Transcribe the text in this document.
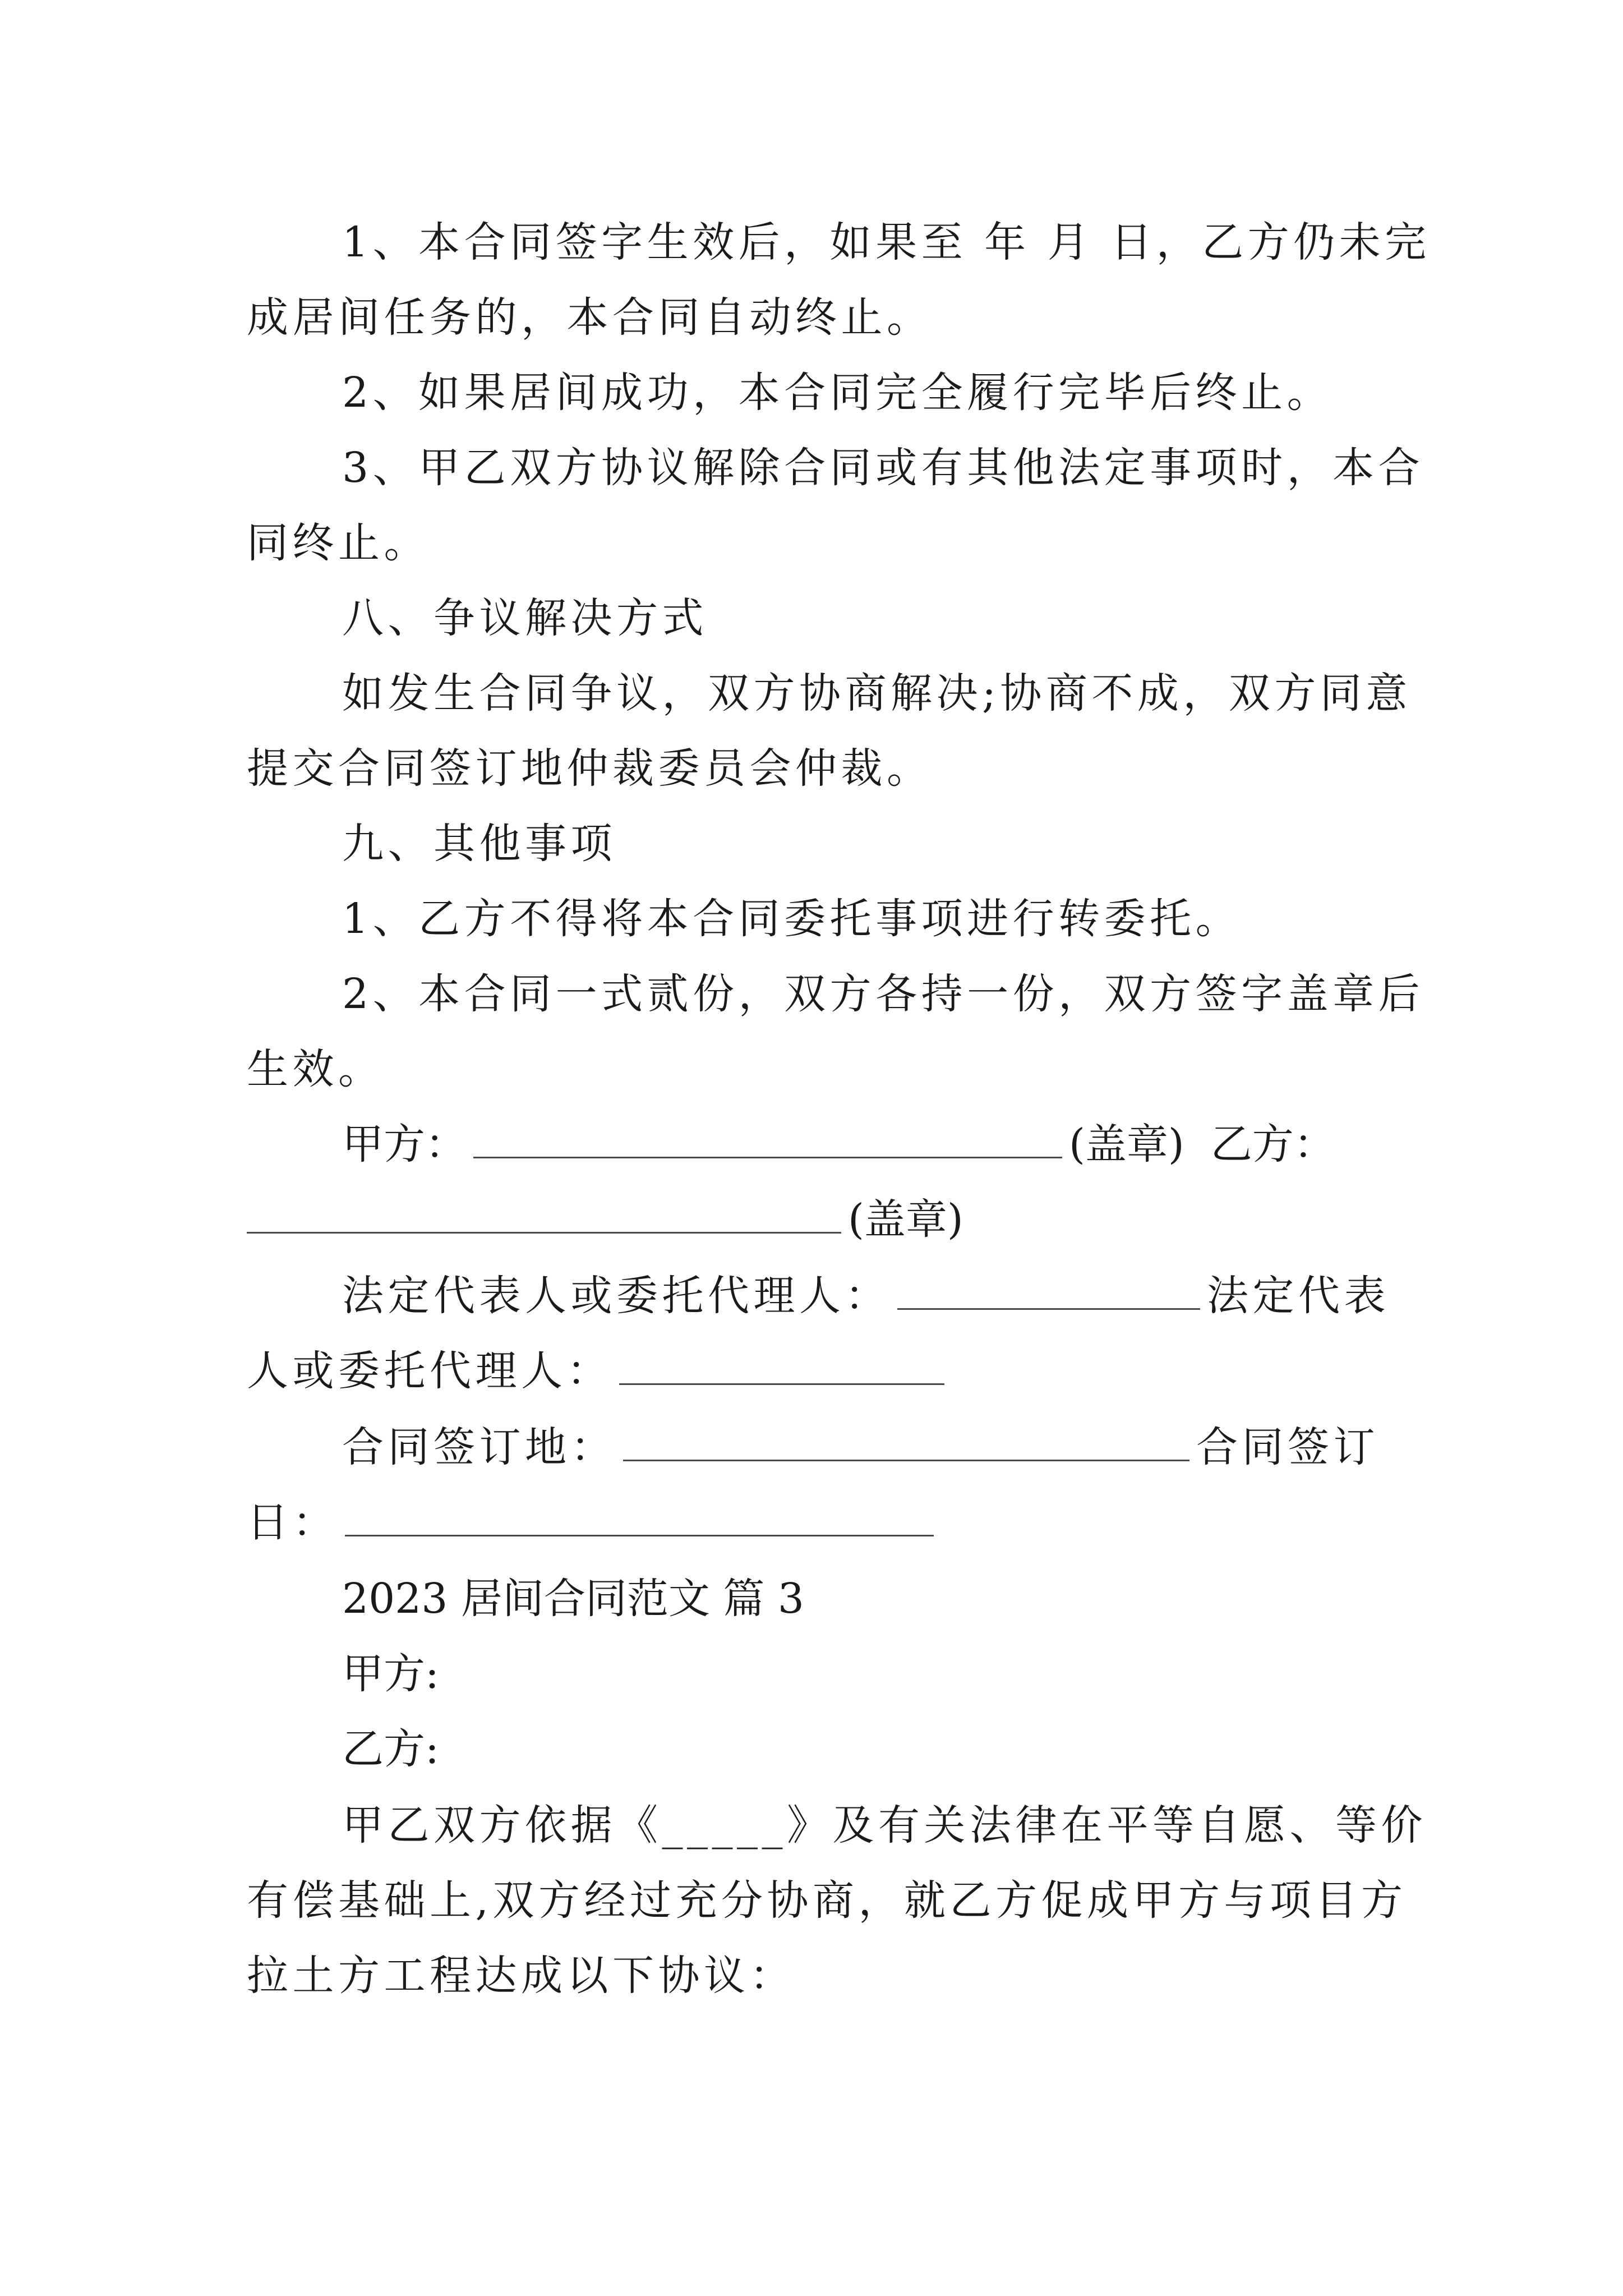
1、本合同签字生效后，如果至 年 月 日，乙方仍未完
成居间任务的，本合同自动终止。
2、如果居间成功，本合同完全履行完毕后终止。
3、甲乙双方协议解除合同或有其他法定事项时，本合
同终止。
八、争议解决方式
如发生合同争议，双方协商解决;协商不成，双方同意
提交合同签订地仲裁委员会仲裁。
九、其他事项
1、乙方不得将本合同委托事项进行转委托。
2、本合同一式贰份，双方各持一份，双方签字盖章后
生效。
甲方：	(盖章) 乙方：
(盖章)
法定代表人或委托代理人：	法定代表
人或委托代理人：
合同签订地：	合同签订
日：
2023 居间合同范文 篇 3
甲方:
乙方:
甲乙双方依据《_____》及有关法律在平等自愿、等价
有偿基础上,双方经过充分协商，就乙方促成甲方与项目方
拉土方工程达成以下协议：
